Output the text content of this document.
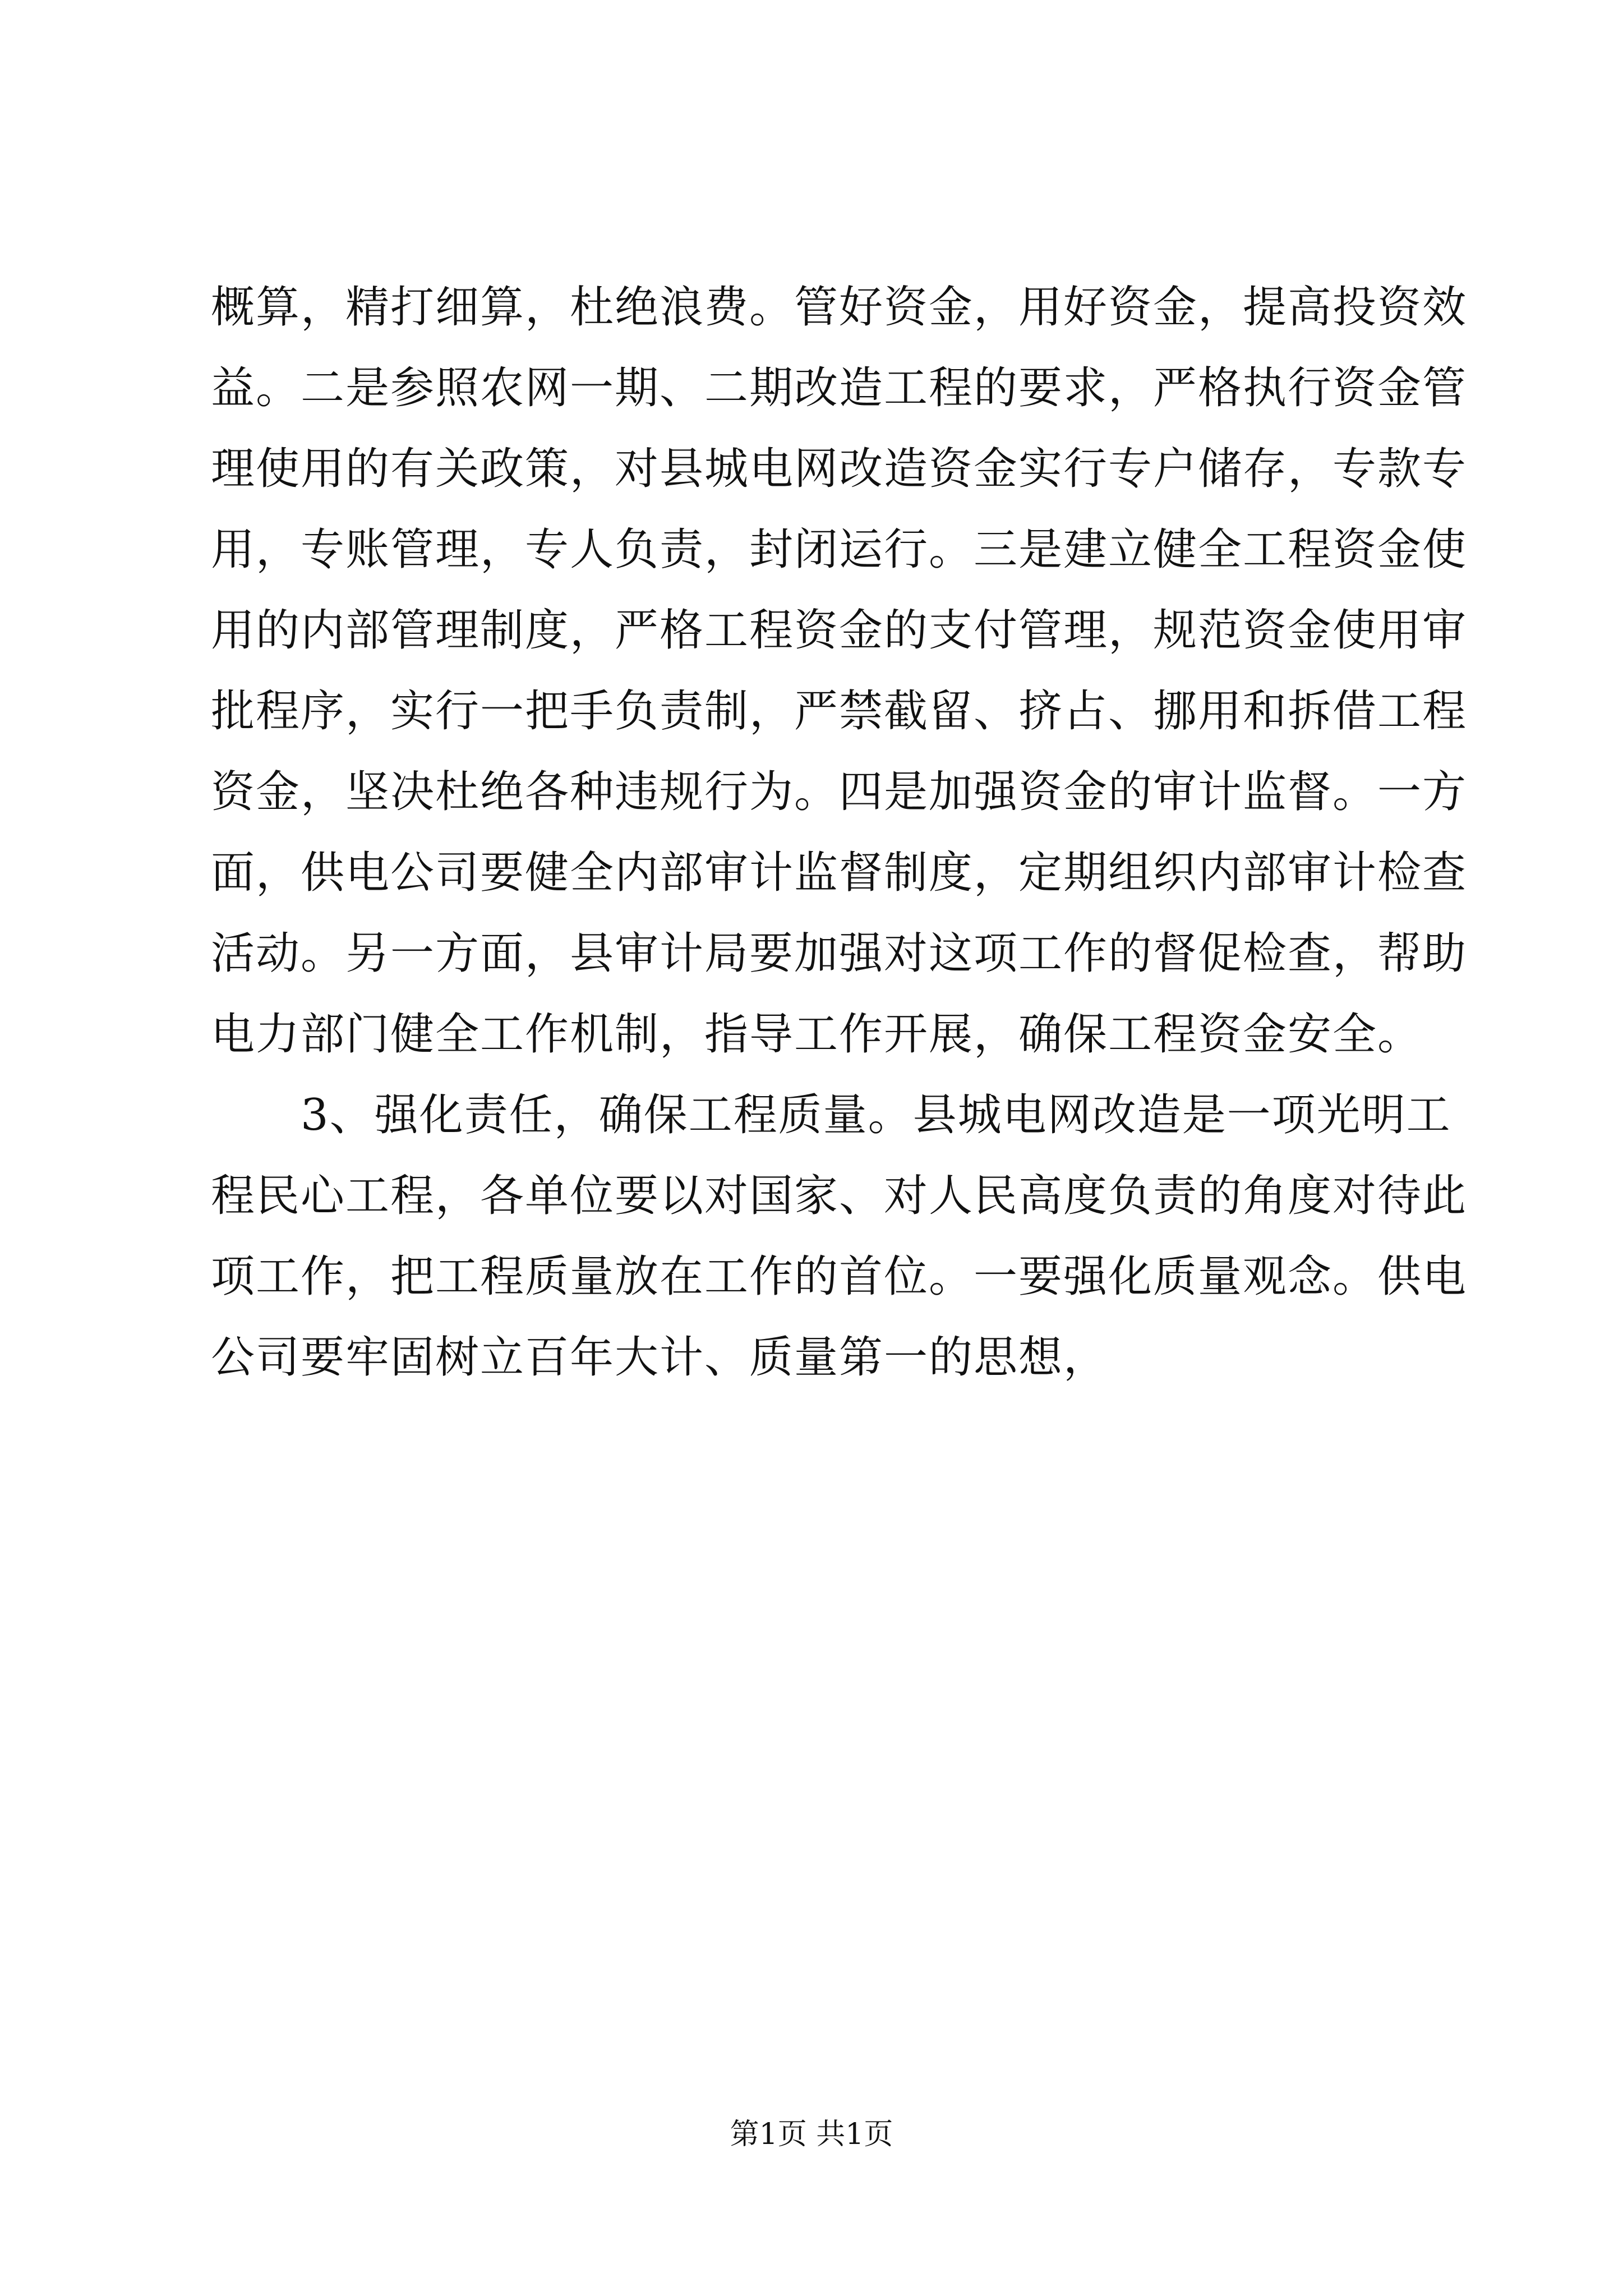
概算，精打细算，杜绝浪费。管好资金，用好资金，提高投资效
益。二是参照农网一期、二期改造工程的要求，严格执行资金管
理使用的有关政策，对县城电网改造资金实行专户储存，专款专
用，专账管理，专人负责，封闭运行。三是建立健全工程资金使
用的内部管理制度，严格工程资金的支付管理，规范资金使用审
批程序，实行一把手负责制，严禁截留、挤占、挪用和拆借工程
资金，坚决杜绝各种违规行为。四是加强资金的审计监督。一方
面，供电公司要健全内部审计监督制度，定期组织内部审计检查
活动。另一方面，县审计局要加强对这项工作的督促检查，帮助
电力部门健全工作机制，指导工作开展，确保工程资金安全。
　　3、强化责任，确保工程质量。县城电网改造是一项光明工
程民心工程，各单位要以对国家、对人民高度负责的角度对待此
项工作，把工程质量放在工作的首位。一要强化质量观念。供电
公司要牢固树立百年大计、质量第一的思想，
第1页 共1页
